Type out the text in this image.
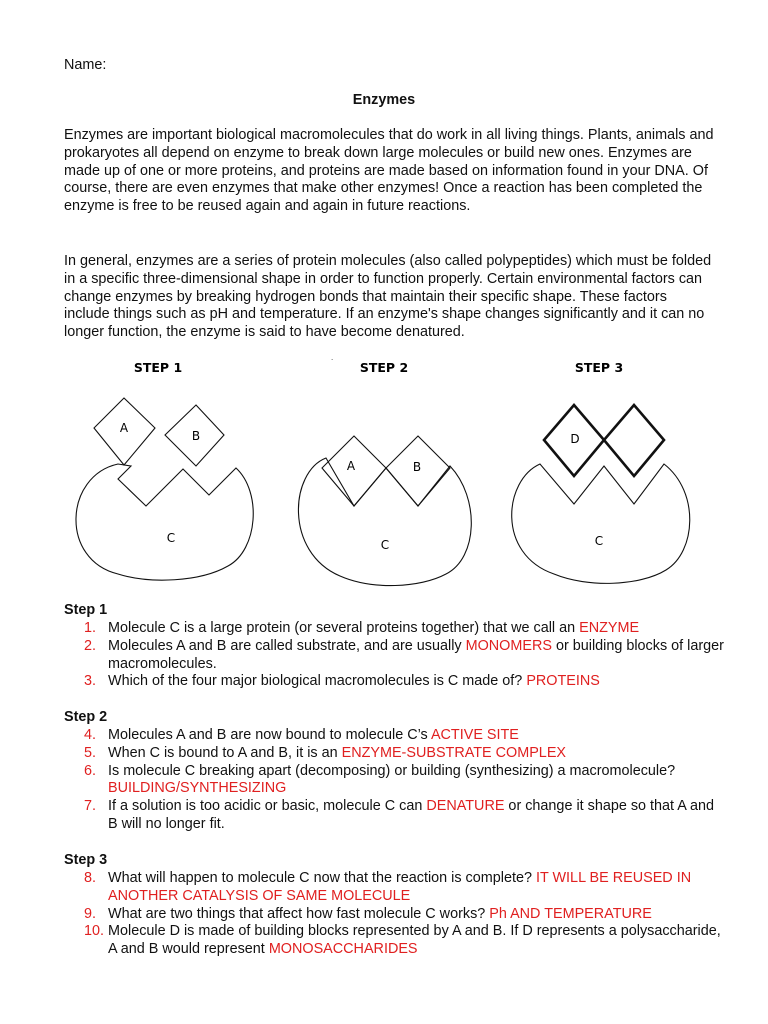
Name:
Enzymes

Enzymes are important biological macromolecules that do work in all living things. Plants, animals and prokaryotes all depend on enzyme to break down large molecules or build new ones. Enzymes are made up of one or more proteins, and proteins are made based on information found in your DNA. Of course, there are even enzymes that make other enzymes! Once a reaction has been completed the enzyme is free to be reused again and again in future reactions.

In general, enzymes are a series of protein molecules (also called polypeptides) which must be folded in a specific three-dimensional shape in order to function properly. Certain environmental factors can change enzymes by breaking hydrogen bonds that maintain their specific shape. These factors include things such as pH and temperature. If an enzyme's shape changes significantly and it can no longer function, the enzyme is said to have become denatured.

STEP 1	STEP 2	STEP 3
.
A
B
C
A	B
C
D
C
Step 1
1. Molecule C is a large protein (or several proteins together) that we call an ENZYME
2. Molecules A and B are called substrate, and are usually MONOMERS or building blocks of larger macromolecules.
3. Which of the four major biological macromolecules is C made of? PROTEINS
Step 2
4. Molecules A and B are now bound to molecule C’s ACTIVE SITE
5. When C is bound to A and B, it is an ENZYME-SUBSTRATE COMPLEX
6. Is molecule C breaking apart (decomposing) or building (synthesizing) a macromolecule? BUILDING/SYNTHESIZING
7. If a solution is too acidic or basic, molecule C can DENATURE or change it shape so that A and B will no longer fit.
Step 3
8. What will happen to molecule C now that the reaction is complete? IT WILL BE REUSED IN ANOTHER CATALYSIS OF SAME MOLECULE
9. What are two things that affect how fast molecule C works? Ph AND TEMPERATURE
10. Molecule D is made of building blocks represented by A and B. If D represents a polysaccharide, A and B would represent MONOSACCHARIDES
